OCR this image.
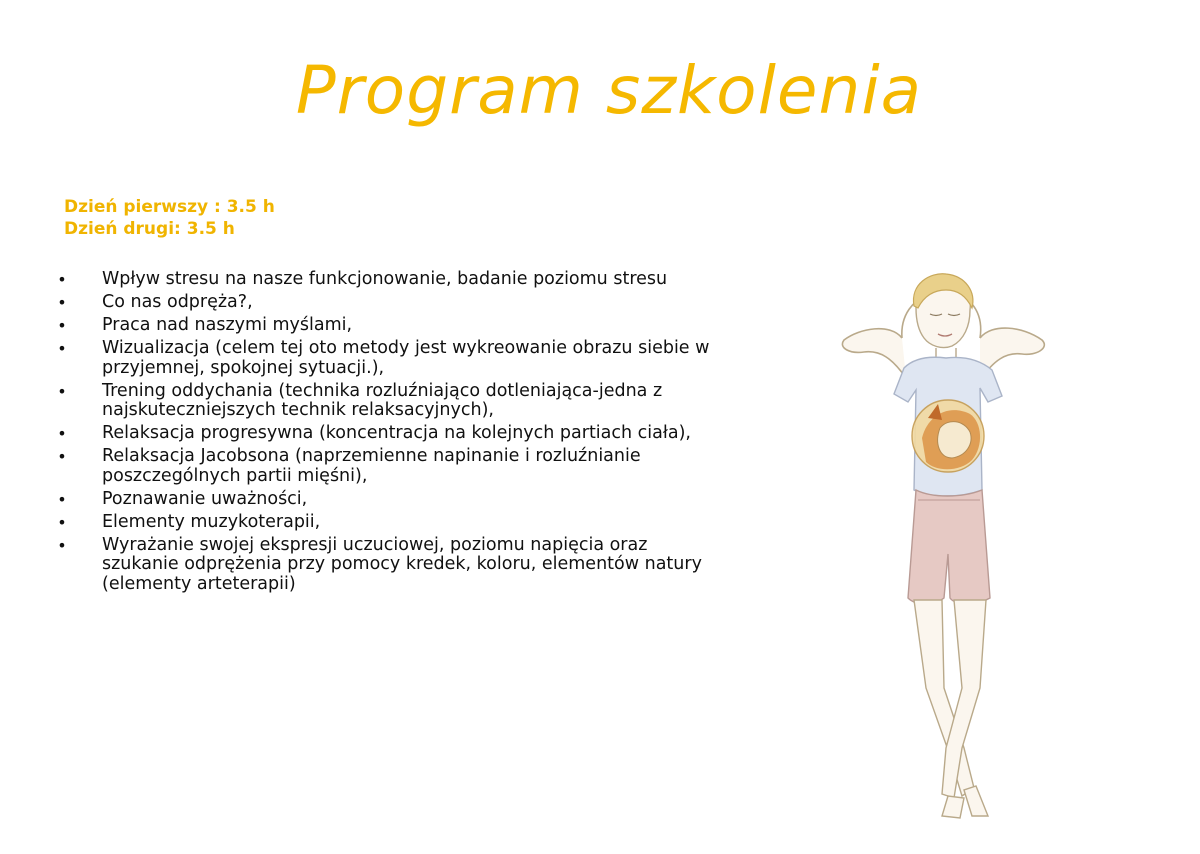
Program szkolenia
Dzień pierwszy : 3.5 h
Dzień drugi: 3.5 h
• Wpływ stresu na nasze funkcjonowanie, badanie poziomu stresu
• Co nas odpręża?,
• Praca nad naszymi myślami,
• Wizualizacja (celem tej oto metody jest wykreowanie obrazu siebie w przyjemnej, spokojnej sytuacji.),
• Trening oddychania (technika rozluźniająco dotleniająca-jedna z najskuteczniejszych technik relaksacyjnych),
• Relaksacja progresywna (koncentracja na kolejnych partiach ciała),
• Relaksacja Jacobsona (naprzemienne napinanie i rozluźnianie poszczególnych partii mięśni),
• Poznawanie uważności,
• Elementy muzykoterapii,
• Wyrażanie swojej ekspresji uczuciowej, poziomu napięcia oraz szukanie odprężenia przy pomocy kredek, koloru, elementów natury (elementy arteterapii)
